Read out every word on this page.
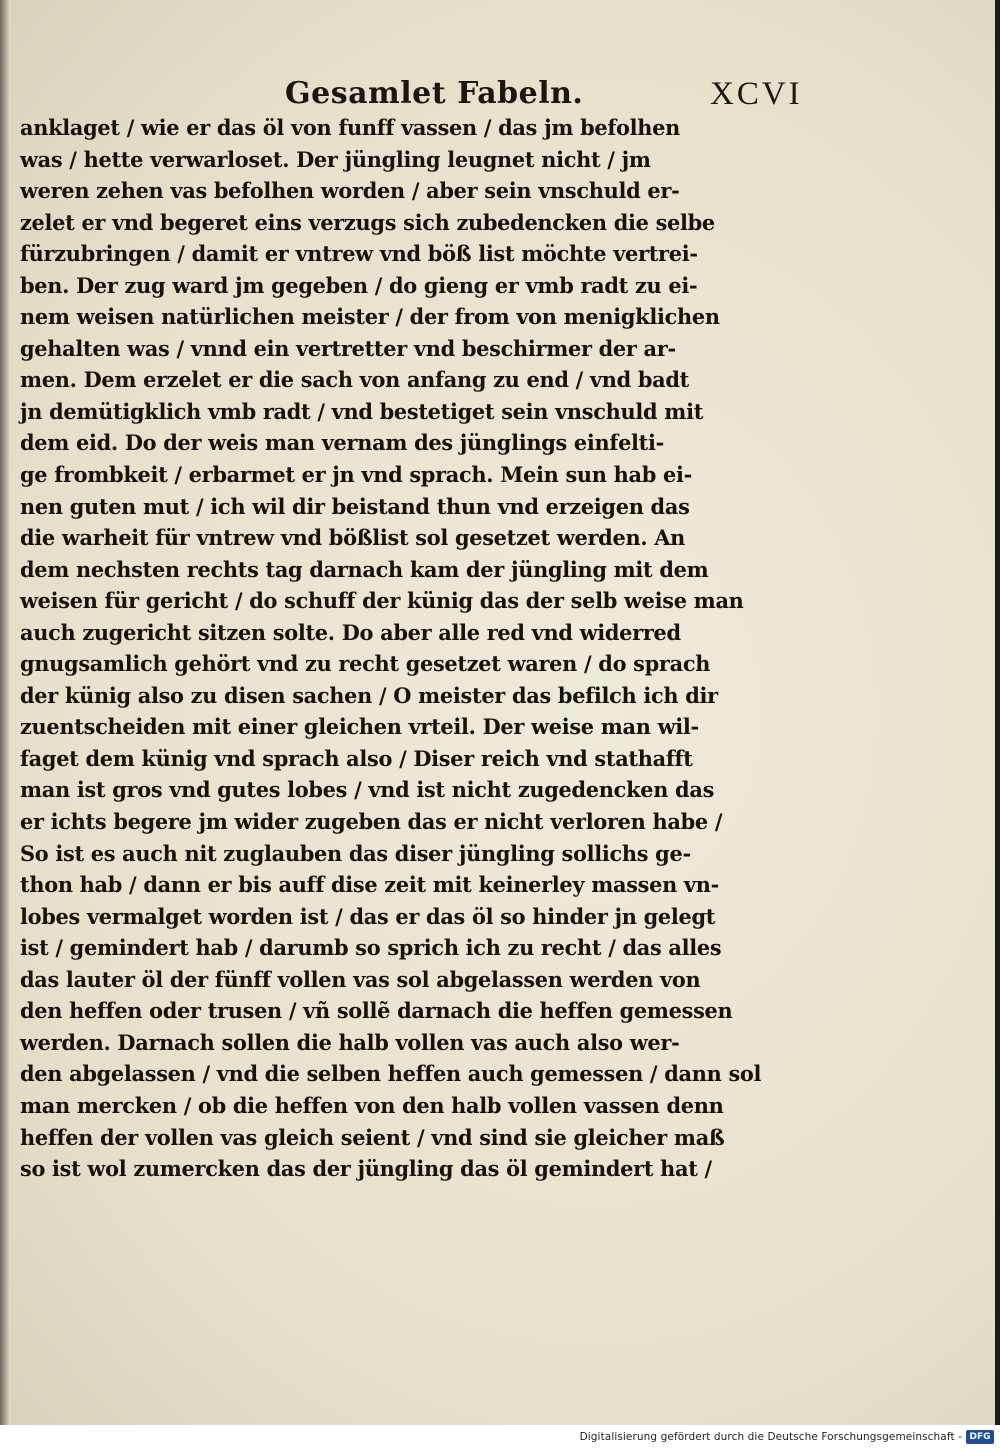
Gesamlet Fabeln.	XCVI
anklaget / wie er das öl von funff vassen / das jm befolhen
was / hette verwarloset. Der jüngling leugnet nicht / jm
weren zehen vas befolhen worden / aber sein vnschuld er-
zelet er vnd begeret eins verzugs sich zubedencken die selbe
fürzubringen / damit er vntrew vnd böß list möchte vertrei-
ben. Der zug ward jm gegeben / do gieng er vmb radt zu ei-
nem weisen natürlichen meister / der from von menigklichen
gehalten was / vnnd ein vertretter vnd beschirmer der ar-
men. Dem erzelet er die sach von anfang zu end / vnd badt
jn demütigklich vmb radt / vnd bestetiget sein vnschuld mit
dem eid. Do der weis man vernam des jünglings einfelti-
ge frombkeit / erbarmet er jn vnd sprach. Mein sun hab ei-
nen guten mut / ich wil dir beistand thun vnd erzeigen das
die warheit für vntrew vnd bößlist sol gesetzet werden. An
dem nechsten rechts tag darnach kam der jüngling mit dem
weisen für gericht / do schuff der künig das der selb weise man
auch zugericht sitzen solte. Do aber alle red vnd widerred
gnugsamlich gehört vnd zu recht gesetzet waren / do sprach
der künig also zu disen sachen / O meister das befilch ich dir
zuentscheiden mit einer gleichen vrteil. Der weise man wil-
faget dem künig vnd sprach also / Diser reich vnd stathafft
man ist gros vnd gutes lobes / vnd ist nicht zugedencken das
er ichts begere jm wider zugeben das er nicht verloren habe /
So ist es auch nit zuglauben das diser jüngling sollichs ge-
thon hab / dann er bis auff dise zeit mit keinerley massen vn-
lobes vermalget worden ist / das er das öl so hinder jn gelegt
ist / gemindert hab / darumb so sprich ich zu recht / das alles
das lauter öl der fünff vollen vas sol abgelassen werden von
den heffen oder trusen / vñ sollẽ darnach die heffen gemessen
werden. Darnach sollen die halb vollen vas auch also wer-
den abgelassen / vnd die selben heffen auch gemessen / dann sol
man mercken / ob die heffen von den halb vollen vassen denn
heffen der vollen vas gleich seient / vnd sind sie gleicher maß
so ist wol zumercken das der jüngling das öl gemindert hat /
Digitalisierung gefördert durch die Deutsche Forschungsgemeinschaft - DFG
